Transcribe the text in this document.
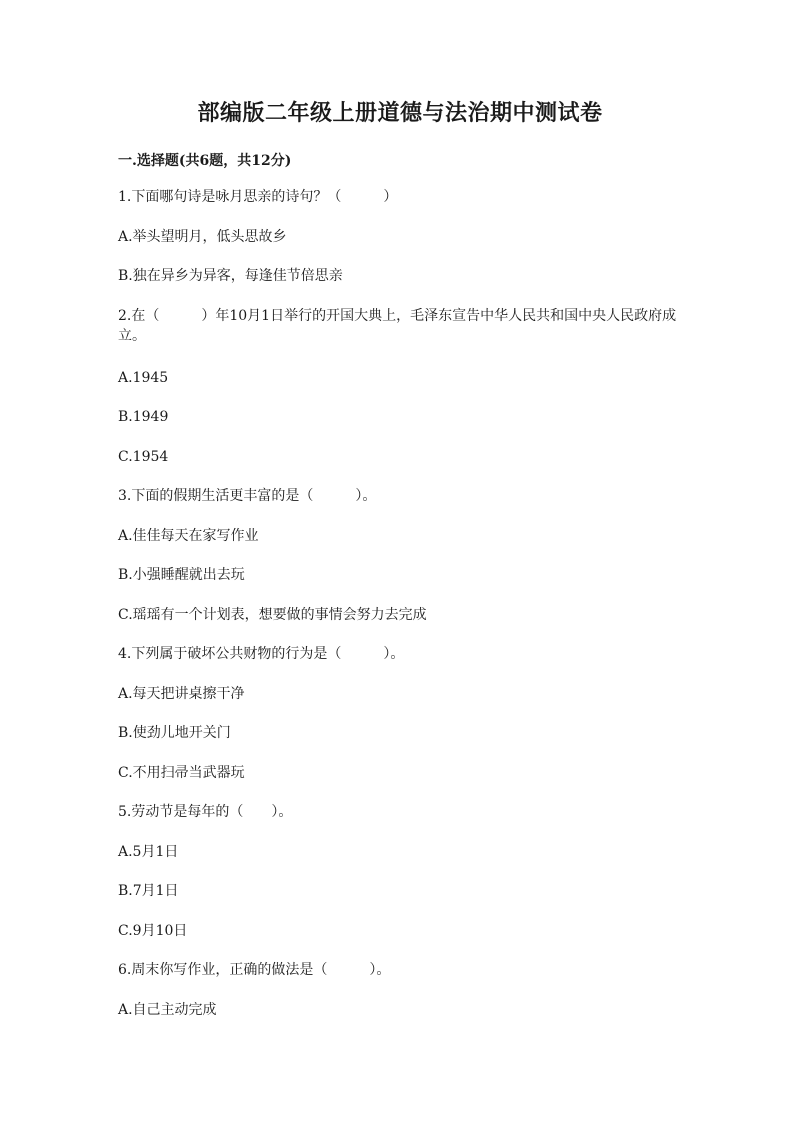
部编版二年级上册道德与法治期中测试卷
一.选择题(共6题，共12分)
1.下面哪句诗是咏月思亲的诗句？（　　　）
A.举头望明月，低头思故乡
B.独在异乡为异客，每逢佳节倍思亲
2.在（　　　）年10月1日举行的开国大典上，毛泽东宣告中华人民共和国中央人民政府成立。
A.1945
B.1949
C.1954
3.下面的假期生活更丰富的是（　　　）。
A.佳佳每天在家写作业
B.小强睡醒就出去玩
C.瑶瑶有一个计划表，想要做的事情会努力去完成
4.下列属于破坏公共财物的行为是（　　　）。
A.每天把讲桌擦干净
B.使劲儿地开关门
C.不用扫帚当武器玩
5.劳动节是每年的（　　）。
A.5月1日
B.7月1日
C.9月10日
6.周末你写作业，正确的做法是（　　　）。
A.自己主动完成
